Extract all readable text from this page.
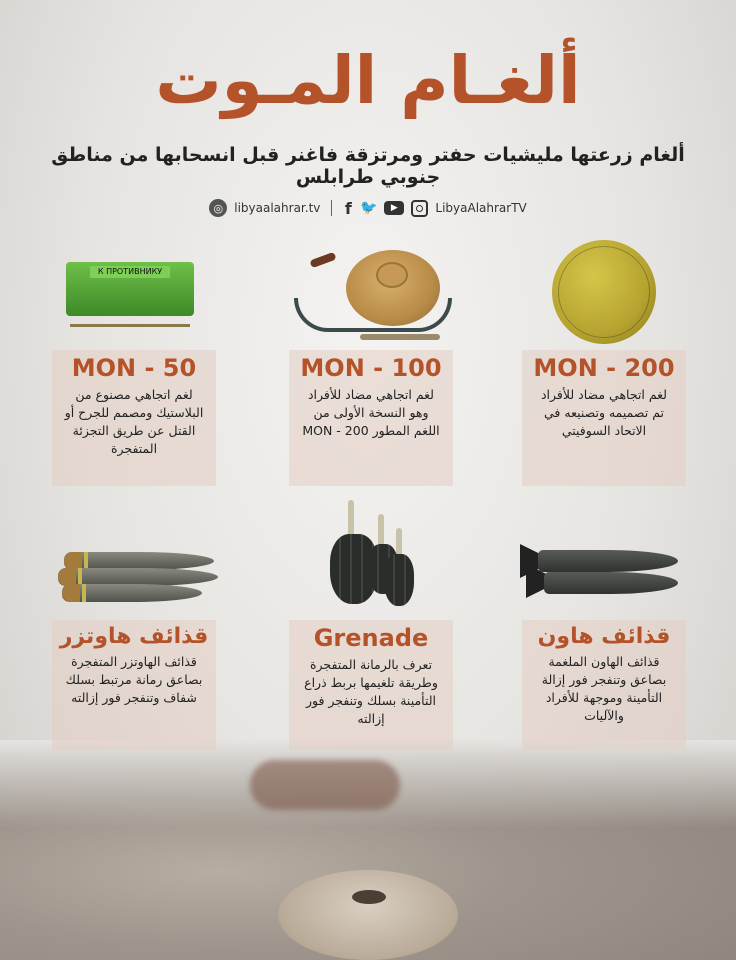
ألغـام المـوت
ألغام زرعتها مليشيات حفتر ومرتزقة فاغنر قبل انسحابها من مناطق جنوبي طرابلس
◎ libyaalahrar.tv f 🐦	▶	LibyaAlahrarTV
К ПРОТИВНИКУ
MON - 50
لغم اتجاهي مصنوع من البلاستيك ومصمم للجرح أو القتل عن طريق التجزئة المتفجرة
MON - 100
لغم اتجاهي مضاد للأفراد وهو النسخة الأولى من اللغم المطور MON - 200
MON - 200
لغم اتجاهي مضاد للأفراد تم تصميمه وتصنيعه في الاتحاد السوفيتي
قذائف هاوتزر
قذائف الهاوتزر المتفجرة بصاعق رمانة مرتبط بسلك شفاف وتنفجر فور إزالته
Grenade
تعرف بالرمانة المتفجرة وطريقة تلغيمها بربط ذراع التأمينة بسلك وتنفجر فور إزالته
قذائف هاون
قذائف الهاون الملغمة بصاعق وتنفجر فور إزالة التأمينة وموجهة للأفراد والآليات
